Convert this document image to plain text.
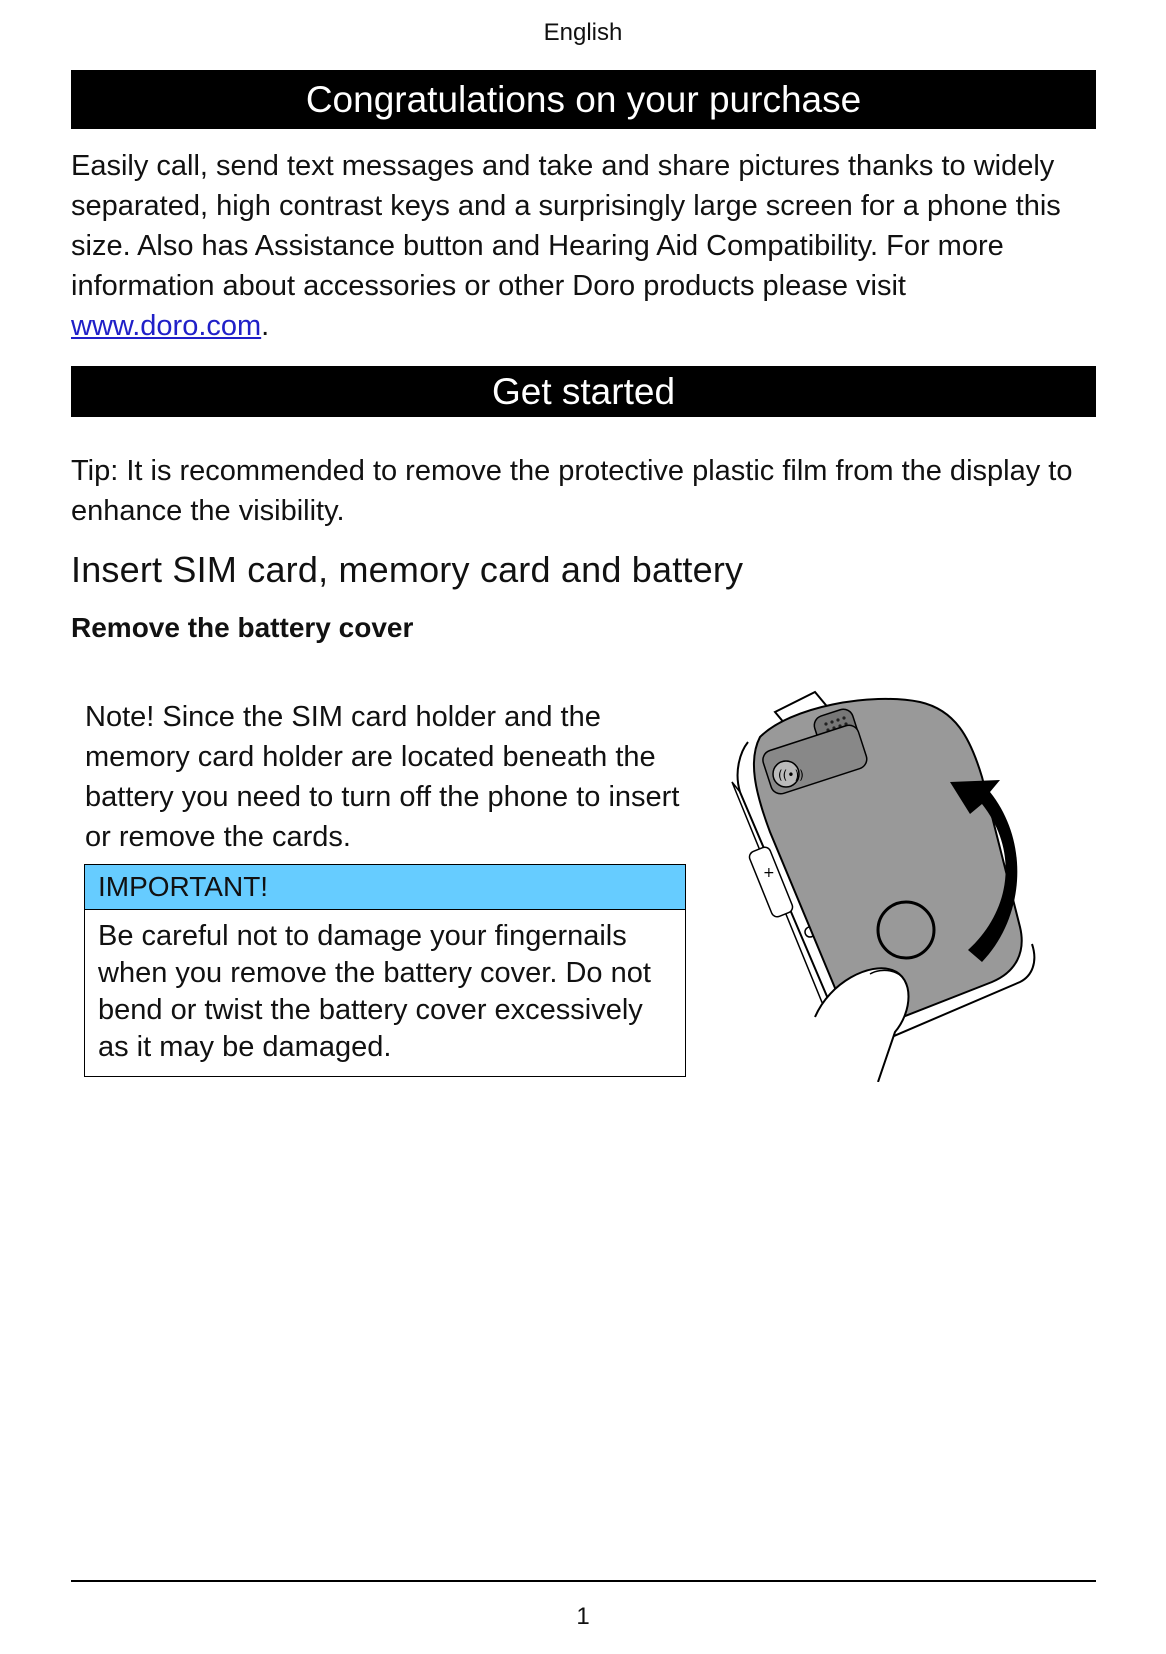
English
Congratulations on your purchase

Easily call, send text messages and take and share pictures thanks to widely separated, high contrast keys and a surprisingly large screen for a phone this size. Also has Assistance button and Hearing Aid Compatibility. For more information about accessories or other Doro products please visit www.doro.com.

Get started

Tip: It is recommended to remove the protective plastic film from the display to enhance the visibility.

Insert SIM card, memory card and battery
Remove the battery cover

Note! Since the SIM card holder and the memory card holder are located beneath the battery you need to turn off the phone to insert or remove the cards.

IMPORTANT!
Be careful not to damage your fingernails when you remove the battery cover. Do not bend or twist the battery cover excessively as it may be damaged.
+
((•))
1
